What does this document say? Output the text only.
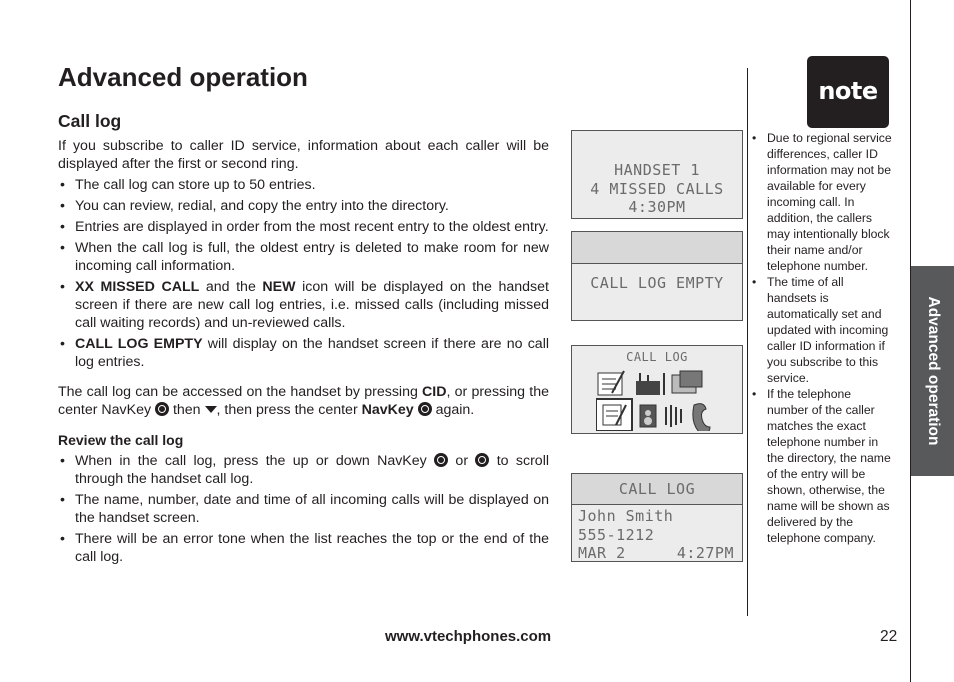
Advanced operation
Call log

If you subscribe to caller ID service, information about each caller will be displayed after the first or second ring.

• The call log can store up to 50 entries.
• You can review, redial, and copy the entry into the directory.
• Entries are displayed in order from the most recent entry to the oldest entry.
• When the call log is full, the oldest entry is deleted to make room for new incoming call information.
• XX MISSED CALL and the NEW icon will be displayed on the handset screen if there are new call log entries, i.e. missed calls (including missed call waiting records) and un-reviewed calls.
• CALL LOG EMPTY will display on the handset screen if there are no call log entries.

The call log can be accessed on the handset by pressing CID, or pressing the center NavKey  then , then press the center NavKey  again.

Review the call log
• When in the call log, press the up or down NavKey  or  to scroll through the handset call log.
• The name, number, date and time of all incoming calls will be displayed on the handset screen.
• There will be an error tone when the list reaches the top or the end of the call log.
HANDSET 1
4 MISSED CALLS
4:30PM
CALL LOG EMPTY
CALL LOG
CALL LOG
John Smith
555-1212
MAR 2	4:27PM
note
• Due to regional service differences, caller ID information may not be available for every incoming call. In addition, the callers may intentionally block their name and/or telephone number.
• The time of all handsets is automatically set and updated with incoming caller ID information if you subscribe to this service.
• If the telephone number of the caller matches the exact telephone number in the directory, the name of the entry will be shown, otherwise, the name will be shown as delivered by the telephone company.
Advanced operation
www.vtechphones.com	22
